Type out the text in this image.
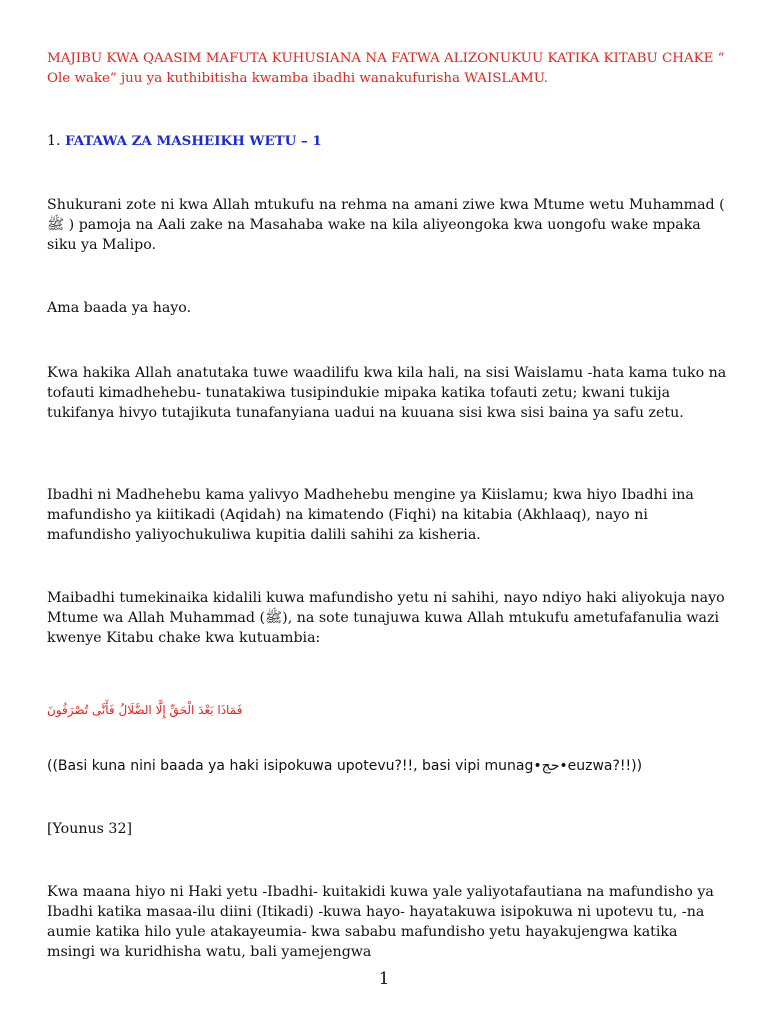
MAJIBU KWA QAASIM MAFUTA KUHUSIANA NA FATWA ALIZONUKUU KATIKA KITABU CHAKE “ Ole wake” juu ya kuthibitisha kwamba ibadhi wanakufurisha WAISLAMU.

1. FATAWA ZA MASHEIKH WETU – 1

Shukurani zote ni kwa Allah mtukufu na rehma na amani ziwe kwa Mtume wetu Muhammad ( ﷺ ) pamoja na Aali zake na Masahaba wake na kila aliyeongoka kwa uongofu wake mpaka siku ya Malipo.

Ama baada ya hayo.

Kwa hakika Allah anatutaka tuwe waadilifu kwa kila hali, na sisi Waislamu -hata kama tuko na tofauti kimadhehebu- tunatakiwa tusipindukie mipaka katika tofauti zetu; kwani tukija tukifanya hivyo tutajikuta tunafanyiana uadui na kuuana sisi kwa sisi baina ya safu zetu.

Ibadhi ni Madhehebu kama yalivyo Madhehebu mengine ya Kiislamu; kwa hiyo Ibadhi ina mafundisho ya kiitikadi (Aqidah) na kimatendo (Fiqhi) na kitabia (Akhlaaq), nayo ni mafundisho yaliyochukuliwa kupitia dalili sahihi za kisheria.

Maibadhi tumekinaika kidalili kuwa mafundisho yetu ni sahihi, nayo ndiyo haki aliyokuja nayo Mtume wa Allah Muhammad (ﷺ), na sote tunajuwa kuwa Allah mtukufu ametufafanulia wazi kwenye Kitabu chake kwa kutuambia:

فَمَاذَا بَعْدَ الْحَقِّ إِلَّا الضَّلَالُ فَأَنَّى تُصْرَفُونَ

((Basi kuna nini baada ya haki isipokuwa upotevu?!!, basi vipi munag•حج•euzwa?!!))

[Younus 32]

Kwa maana hiyo ni Haki yetu -Ibadhi- kuitakidi kuwa yale yaliyotafautiana na mafundisho ya Ibadhi katika masaa-ilu diini (Itikadi) -kuwa hayo- hayatakuwa isipokuwa ni upotevu tu, -na aumie katika hilo yule atakayeumia- kwa sababu mafundisho yetu hayakujengwa katika msingi wa kuridhisha watu, bali yamejengwa

1
